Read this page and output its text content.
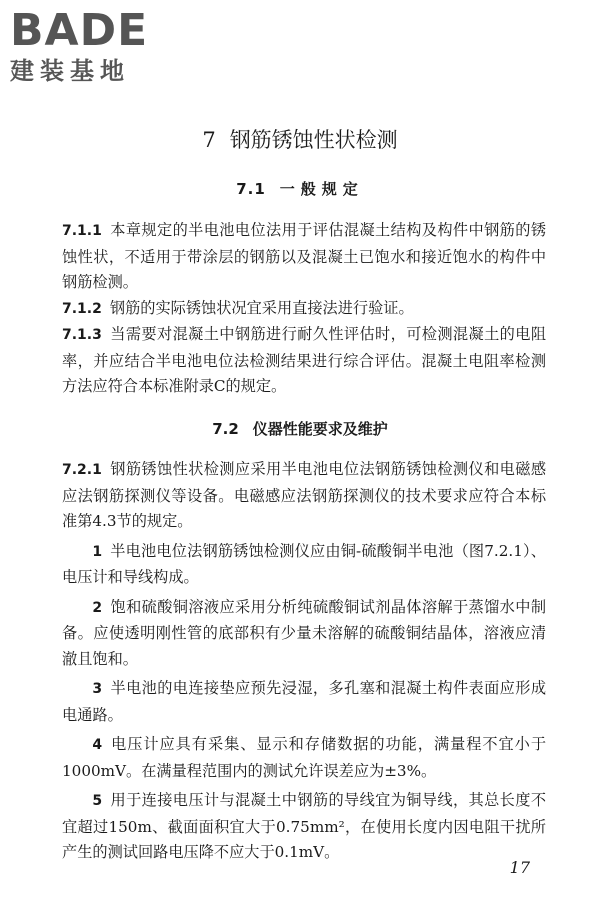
BADE
建装基地
7 钢筋锈蚀性状检测
7.1 一般规定

7.1.1 本章规定的半电池电位法用于评估混凝土结构及构件中钢筋的锈蚀性状，不适用于带涂层的钢筋以及混凝土已饱水和接近饱水的构件中钢筋检测。

7.1.2 钢筋的实际锈蚀状况宜采用直接法进行验证。

7.1.3 当需要对混凝土中钢筋进行耐久性评估时，可检测混凝土的电阻率，并应结合半电池电位法检测结果进行综合评估。混凝土电阻率检测方法应符合本标准附录C的规定。

7.2 仪器性能要求及维护

7.2.1 钢筋锈蚀性状检测应采用半电池电位法钢筋锈蚀检测仪和电磁感应法钢筋探测仪等设备。电磁感应法钢筋探测仪的技术要求应符合本标准第4.3节的规定。

1 半电池电位法钢筋锈蚀检测仪应由铜-硫酸铜半电池（图7.2.1）、电压计和导线构成。

2 饱和硫酸铜溶液应采用分析纯硫酸铜试剂晶体溶解于蒸馏水中制备。应使透明刚性管的底部积有少量未溶解的硫酸铜结晶体，溶液应清澈且饱和。

3 半电池的电连接垫应预先浸湿，多孔塞和混凝土构件表面应形成电通路。

4 电压计应具有采集、显示和存储数据的功能，满量程不宜小于1000mV。在满量程范围内的测试允许误差应为±3%。

5 用于连接电压计与混凝土中钢筋的导线宜为铜导线，其总长度不宜超过150m、截面面积宜大于0.75mm²，在使用长度内因电阻干扰所产生的测试回路电压降不应大于0.1mV。

17
